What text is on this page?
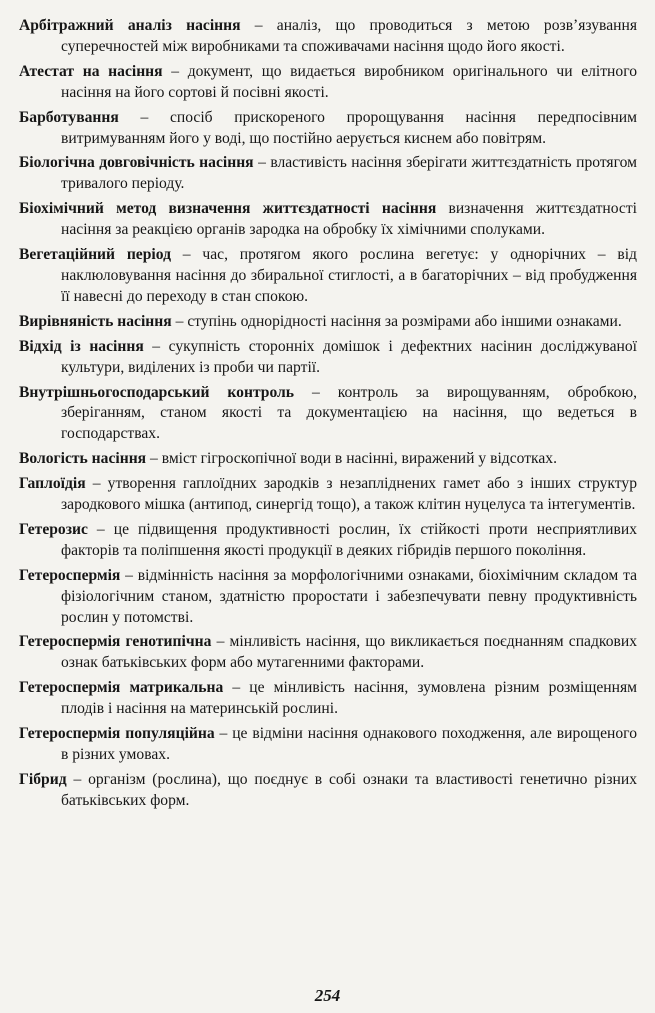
Арбітражний аналіз насіння – аналіз, що проводиться з метою розв’язування суперечностей між виробниками та споживачами насіння щодо його якості.

Атестат на насіння – документ, що видається виробником оригінального чи елітного насіння на його сортові й посівні якості.

Барботування – спосіб прискореного пророщування насіння передпосівним витримуванням його у воді, що постійно аерується киснем або повітрям.

Біологічна довговічність насіння – властивість насіння зберігати життєздатність протягом тривалого періоду.

Біохімічний метод визначення життєздатності насіння визначення життєздатності насіння за реакцією органів зародка на обробку їх хімічними сполуками.

Вегетаційний період – час, протягом якого рослина вегетує: у однорічних – від наклюловування насіння до збиральної стиглості, а в багаторічних – від пробудження її навесні до переходу в стан спокою.

Вирівняність насіння – ступінь однорідності насіння за розмірами або іншими ознаками.

Відхід із насіння – сукупність сторонніх домішок і дефектних насінин досліджуваної культури, виділених із проби чи партії.

Внутрішньогосподарський контроль – контроль за вирощуванням, обробкою, зберіганням, станом якості та документацією на насіння, що ведеться в господарствах.

Вологість насіння – вміст гігроскопічної води в насінні, виражений у відсотках.

Гаплоїдія – утворення гаплоїдних зародків з незапліднених гамет або з інших структур зародкового мішка (антипод, синергід тощо), а також клітин нуцелуса та інтегументів.

Гетерозис – це підвищення продуктивності рослин, їх стійкості проти несприятливих факторів та поліпшення якості продукції в деяких гібридів першого покоління.

Гетероспермія – відмінність насіння за морфологічними ознаками, біохімічним складом та фізіологічним станом, здатністю проростати і забезпечувати певну продуктивність рослин у потомстві.

Гетероспермія генотипічна – мінливість насіння, що викликається поєднанням спадкових ознак батьківських форм або мутагенними факторами.

Гетероспермія матрикальна – це мінливість насіння, зумовлена різним розміщенням плодів і насіння на материнській рослині.

Гетероспермія популяційна – це відміни насіння однакового походження, але вирощеного в різних умовах.

Гібрид – організм (рослина), що поєднує в собі ознаки та властивості генетично різних батьківських форм.

254
